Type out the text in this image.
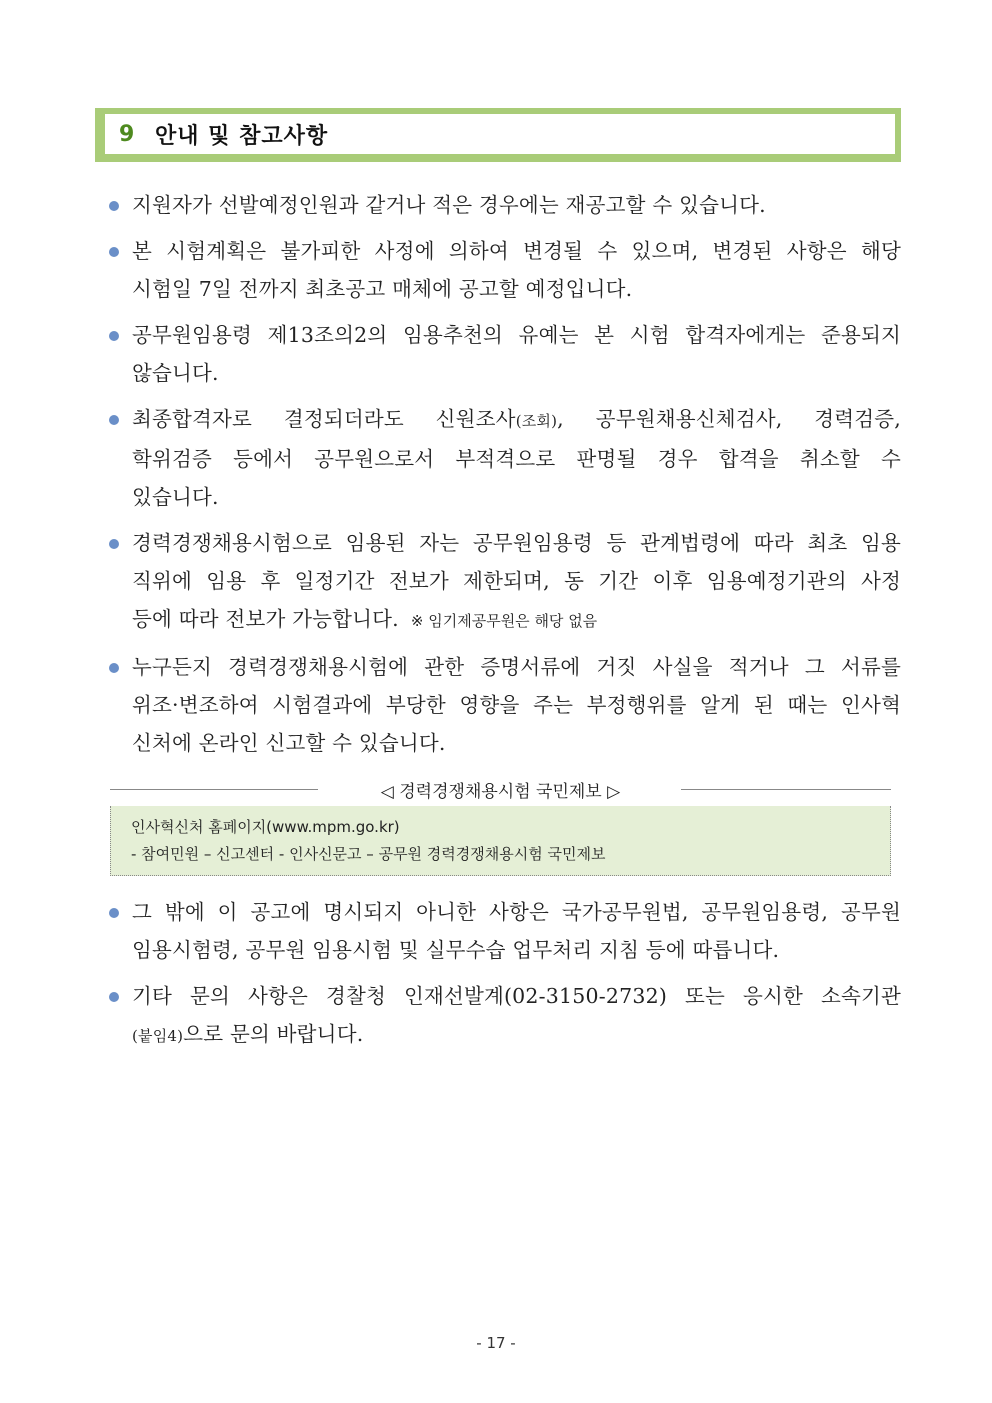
9 안내 및 참고사항
지원자가 선발예정인원과 같거나 적은 경우에는 재공고할 수 있습니다.
본 시험계획은 불가피한 사정에 의하여 변경될 수 있으며, 변경된 사항은 해당
시험일 7일 전까지 최초공고 매체에 공고할 예정입니다.
공무원임용령 제13조의2의 임용추천의 유예는 본 시험 합격자에게는 준용되지
않습니다.
최종합격자로 결정되더라도 신원조사(조회), 공무원채용신체검사, 경력검증,
학위검증 등에서 공무원으로서 부적격으로 판명될 경우 합격을 취소할 수
있습니다.
경력경쟁채용시험으로 임용된 자는 공무원임용령 등 관계법령에 따라 최초 임용
직위에 임용 후 일정기간 전보가 제한되며, 동 기간 이후 임용예정기관의 사정
등에 따라 전보가 가능합니다. ※ 임기제공무원은 해당 없음
누구든지 경력경쟁채용시험에 관한 증명서류에 거짓 사실을 적거나 그 서류를
위조·변조하여 시험결과에 부당한 영향을 주는 부정행위를 알게 된 때는 인사혁
신처에 온라인 신고할 수 있습니다.
◁ 경력경쟁채용시험 국민제보 ▷
인사혁신처 홈페이지(www.mpm.go.kr)
- 참여민원 – 신고센터 - 인사신문고 – 공무원 경력경쟁채용시험 국민제보
그 밖에 이 공고에 명시되지 아니한 사항은 국가공무원법, 공무원임용령, 공무원
임용시험령, 공무원 임용시험 및 실무수습 업무처리 지침 등에 따릅니다.
기타 문의 사항은 경찰청 인재선발계(02-3150-2732) 또는 응시한 소속기관
(붙임4)으로 문의 바랍니다.
- 17 -
